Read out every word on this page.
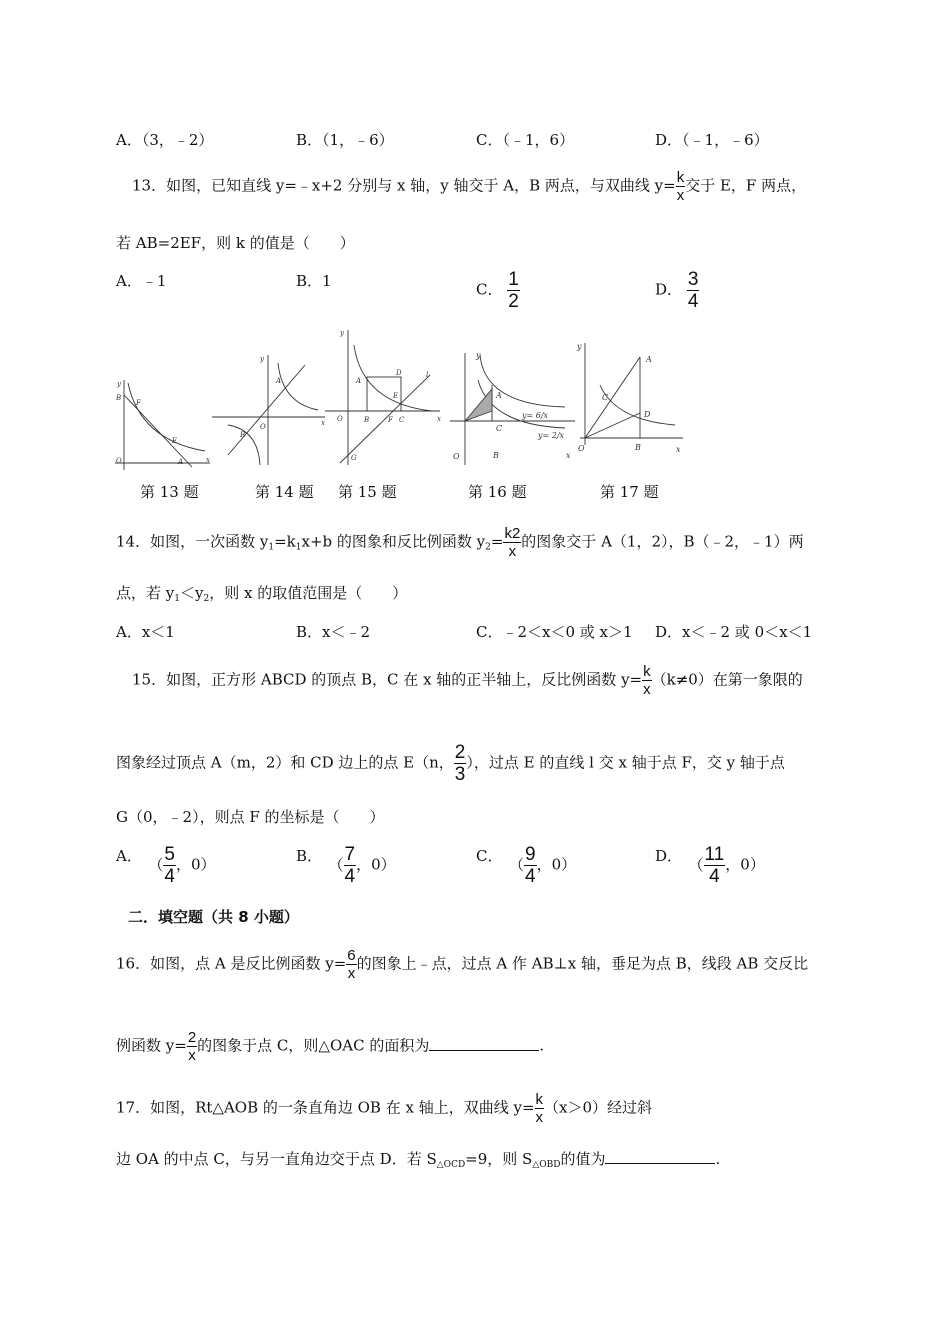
A．（3，﹣2）	B．（1，﹣6）	C．（﹣1，6）	D．（﹣1，﹣6）
13．如图，已知直线 y=﹣x+2 分别与 x 轴，y 轴交于 A，B 两点，与双曲线 $y= \frac{k}{x}$ 交于 E，F 两点，
若 AB=2EF，则 k 的值是（　　）
A．﹣1	B．1	C． $\frac{1}{2}$	D． $\frac{3}{4}$
y
x
O
B
F
E
A
y
x
O
A
B
y
x
O
A
D
E
B	F C
G
l
y
x
O
A
C
B
y= 6/x
y= 2/x
y
x
O
A
C
D
B
第 13 题	第 14 题 第 15 题	第 16 题	第 17 题
14．如图，一次函数 $y_1=k_1x+b$ 的图象和反比例函数 $y_2= \frac{k2}{x}$ 的图象交于 A（1，2），B（﹣2，﹣1）两
点，若 $y_1<y_2$，则 x 的取值范围是（　　）
A．x＜1	B．x＜﹣2	C．﹣2＜x＜0 或 x＞1 D．x＜﹣2 或 0＜x＜1
15．如图，正方形 ABCD 的顶点 B，C 在 x 轴的正半轴上，反比例函数 $y= \frac{k}{x} (k\ne 0)$在第一象限的
图象经过顶点 A（m，2）和 CD 边上的点 E（n， $\frac{2}{3}$ ），过点 E 的直线 l 交 x 轴于点 F，交 y 轴于点
G（0，﹣2），则点 F 的坐标是（　　）
A． （ $\frac{5}{4}$ ，0）	B． （ $\frac{7}{4}$ ，0）	C． （ $\frac{9}{4}$ ，0）	D． （ $\frac{11}{4}$ ，0）
二．填空题（共 8 小题）
16．如图，点 A 是反比例函数 $y= \frac{6}{x}$ 的图象上﹣点，过点 A 作 AB⊥x 轴，垂足为点 B，线段 AB 交反比
例函数 $y= \frac{2}{x}$ 的图象于点 C，则△OAC 的面积为	.
17．如图，Rt△AOB 的一条直角边 OB 在 x 轴上，双曲线 $y= \frac{k}{x} (x>0)$经过斜
边 OA 的中点 C，与另一直角边交于点 D．若 $S_{\triangle OCD}=9$，则 $S_{\triangle OBD}$的值为	.
